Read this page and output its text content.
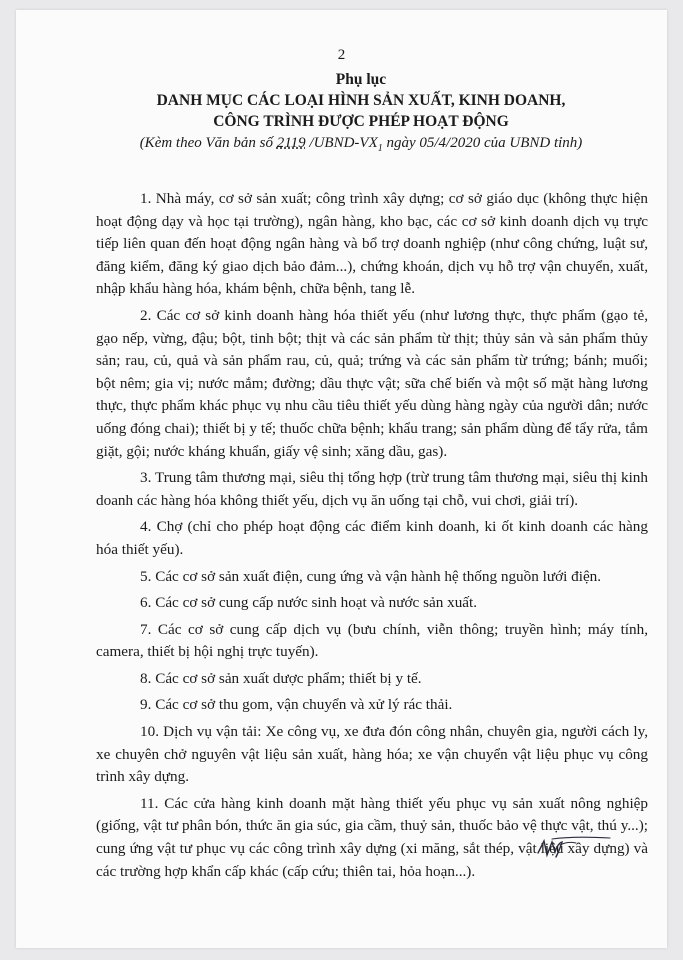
2
Phụ lục
DANH MỤC CÁC LOẠI HÌNH SẢN XUẤT, KINH DOANH,
CÔNG TRÌNH ĐƯỢC PHÉP HOẠT ĐỘNG
(Kèm theo Văn bản số 2119 $/UBND-VX_1$ ngày 05/4/2020 của UBND tỉnh)

1. Nhà máy, cơ sở sản xuất; công trình xây dựng; cơ sở giáo dục (không thực hiện hoạt động dạy và học tại trường), ngân hàng, kho bạc, các cơ sở kinh doanh dịch vụ trực tiếp liên quan đến hoạt động ngân hàng và bổ trợ doanh nghiệp (như công chứng, luật sư, đăng kiểm, đăng ký giao dịch bảo đảm...), chứng khoán, dịch vụ hỗ trợ vận chuyển, xuất, nhập khẩu hàng hóa, khám bệnh, chữa bệnh, tang lễ.

2. Các cơ sở kinh doanh hàng hóa thiết yếu (như lương thực, thực phẩm (gạo tẻ, gạo nếp, vừng, đậu; bột, tinh bột; thịt và các sản phẩm từ thịt; thủy sản và sản phẩm thủy sản; rau, củ, quả và sản phẩm rau, củ, quả; trứng và các sản phẩm từ trứng; bánh; muối; bột nêm; gia vị; nước mắm; đường; dầu thực vật; sữa chế biến và một số mặt hàng lương thực, thực phẩm khác phục vụ nhu cầu tiêu thiết yếu dùng hàng ngày của người dân; nước uống đóng chai); thiết bị y tế; thuốc chữa bệnh; khẩu trang; sản phẩm dùng để tẩy rửa, tắm giặt, gội; nước kháng khuẩn, giấy vệ sinh; xăng dầu, gas).

3. Trung tâm thương mại, siêu thị tổng hợp (trừ trung tâm thương mại, siêu thị kinh doanh các hàng hóa không thiết yếu, dịch vụ ăn uống tại chỗ, vui chơi, giải trí).

4. Chợ (chỉ cho phép hoạt động các điểm kinh doanh, ki ốt kinh doanh các hàng hóa thiết yếu).

5. Các cơ sở sản xuất điện, cung ứng và vận hành hệ thống nguồn lưới điện.

6. Các cơ sở cung cấp nước sinh hoạt và nước sản xuất.

7. Các cơ sở cung cấp dịch vụ (bưu chính, viễn thông; truyền hình; máy tính, camera, thiết bị hội nghị trực tuyến).

8. Các cơ sở sản xuất dược phẩm; thiết bị y tế.

9. Các cơ sở thu gom, vận chuyển và xử lý rác thải.

10. Dịch vụ vận tải: Xe công vụ, xe đưa đón công nhân, chuyên gia, người cách ly, xe chuyên chở nguyên vật liệu sản xuất, hàng hóa; xe vận chuyển vật liệu phục vụ công trình xây dựng.

11. Các cửa hàng kinh doanh mặt hàng thiết yếu phục vụ sản xuất nông nghiệp (giống, vật tư phân bón, thức ăn gia súc, gia cầm, thuỷ sản, thuốc bảo vệ thực vật, thú y...); cung ứng vật tư phục vụ các công trình xây dựng (xi măng, sắt thép, vật liệu xây dựng) và các trường hợp khẩn cấp khác (cấp cứu; thiên tai, hỏa hoạn...).
